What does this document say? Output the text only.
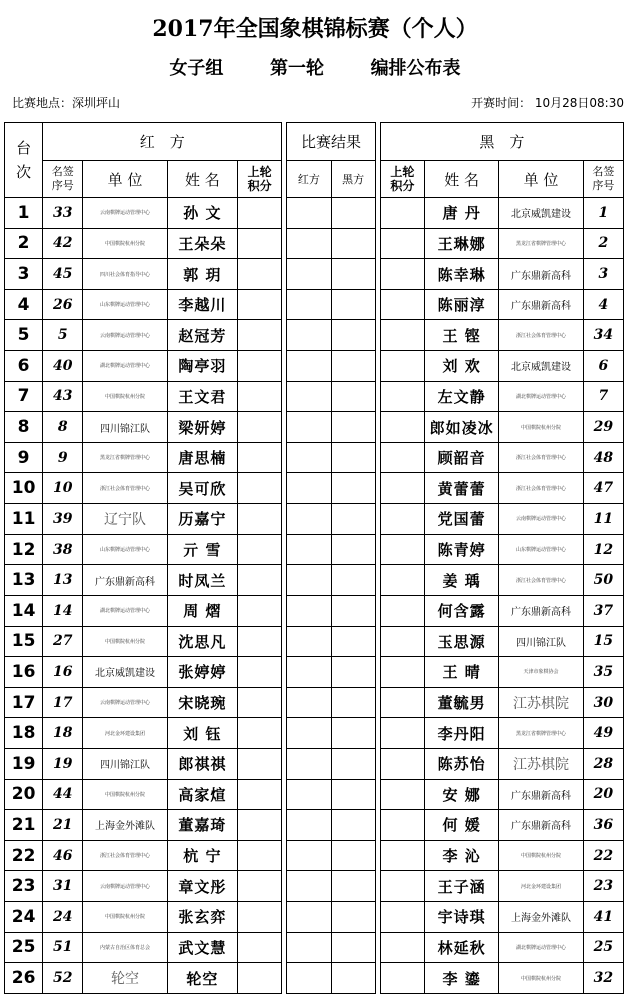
2017年全国象棋锦标赛（个人）
女子组	第一轮	编排公布表
比赛地点：深圳坪山	开赛时间： 10月28日08:30
台次	红　方					比赛结果			黑　方			

	名签序号	单 位	姓 名	上轮积分		红方	黑方		上轮积分	姓 名	单 位	名签序号

1	33	云南棋牌运动管理中心	孙 文							唐 丹	北京威凯建设	1
2	42	中国棋院杭州分院	王朵朵							王琳娜	黑龙江省棋牌管理中心	2
3	45	四川社会体育指导中心	郭 玥							陈幸琳	广东鼎新高科	3
4	26	山东棋牌运动管理中心	李越川							陈丽淳	广东鼎新高科	4
5	5	云南棋牌运动管理中心	赵冠芳							王 铿	浙江社会体育管理中心	34
6	40	湖北棋牌运动管理中心	陶亭羽							刘 欢	北京威凯建设	6
7	43	中国棋院杭州分院	王文君							左文静	湖北棋牌运动管理中心	7
8	8	四川锦江队	梁妍婷							郎如凌冰	中国棋院杭州分院	29
9	9	黑龙江省棋牌管理中心	唐思楠							顾韶音	浙江社会体育管理中心	48
10	10	浙江社会体育管理中心	吴可欣							黄蕾蕾	浙江社会体育管理中心	47
11	39	辽宁队	历嘉宁							党国蕾	云南棋牌运动管理中心	11
12	38	山东棋牌运动管理中心	亓 雪							陈青婷	山东棋牌运动管理中心	12
13	13	广东鼎新高科	时凤兰							姜 瑀	浙江社会体育管理中心	50
14	14	湖北棋牌运动管理中心	周 熠							何含露	广东鼎新高科	37
15	27	中国棋院杭州分院	沈思凡							玉思源	四川锦江队	15
16	16	北京威凯建设	张婷婷							王 晴	天津市象棋协会	35
17	17	云南棋牌运动管理中心	宋晓琬							董毓男	江苏棋院	30
18	18	河北金环建设集团	刘 钰							李丹阳	黑龙江省棋牌管理中心	49
19	19	四川锦江队	郎祺祺							陈苏怡	江苏棋院	28
20	44	中国棋院杭州分院	高家煊							安 娜	广东鼎新高科	20
21	21	上海金外滩队	董嘉琦							何 媛	广东鼎新高科	36
22	46	浙江社会体育管理中心	杭 宁							李 沁	中国棋院杭州分院	22
23	31	云南棋牌运动管理中心	章文彤							王子涵	河北金环建设集团	23
24	24	中国棋院杭州分院	张玄弈							宇诗琪	上海金外滩队	41
25	51	内蒙古自治区体育总会	武文慧							林延秋	湖北棋牌运动管理中心	25
26	52	轮空	轮空							李 鎏	中国棋院杭州分院	32
